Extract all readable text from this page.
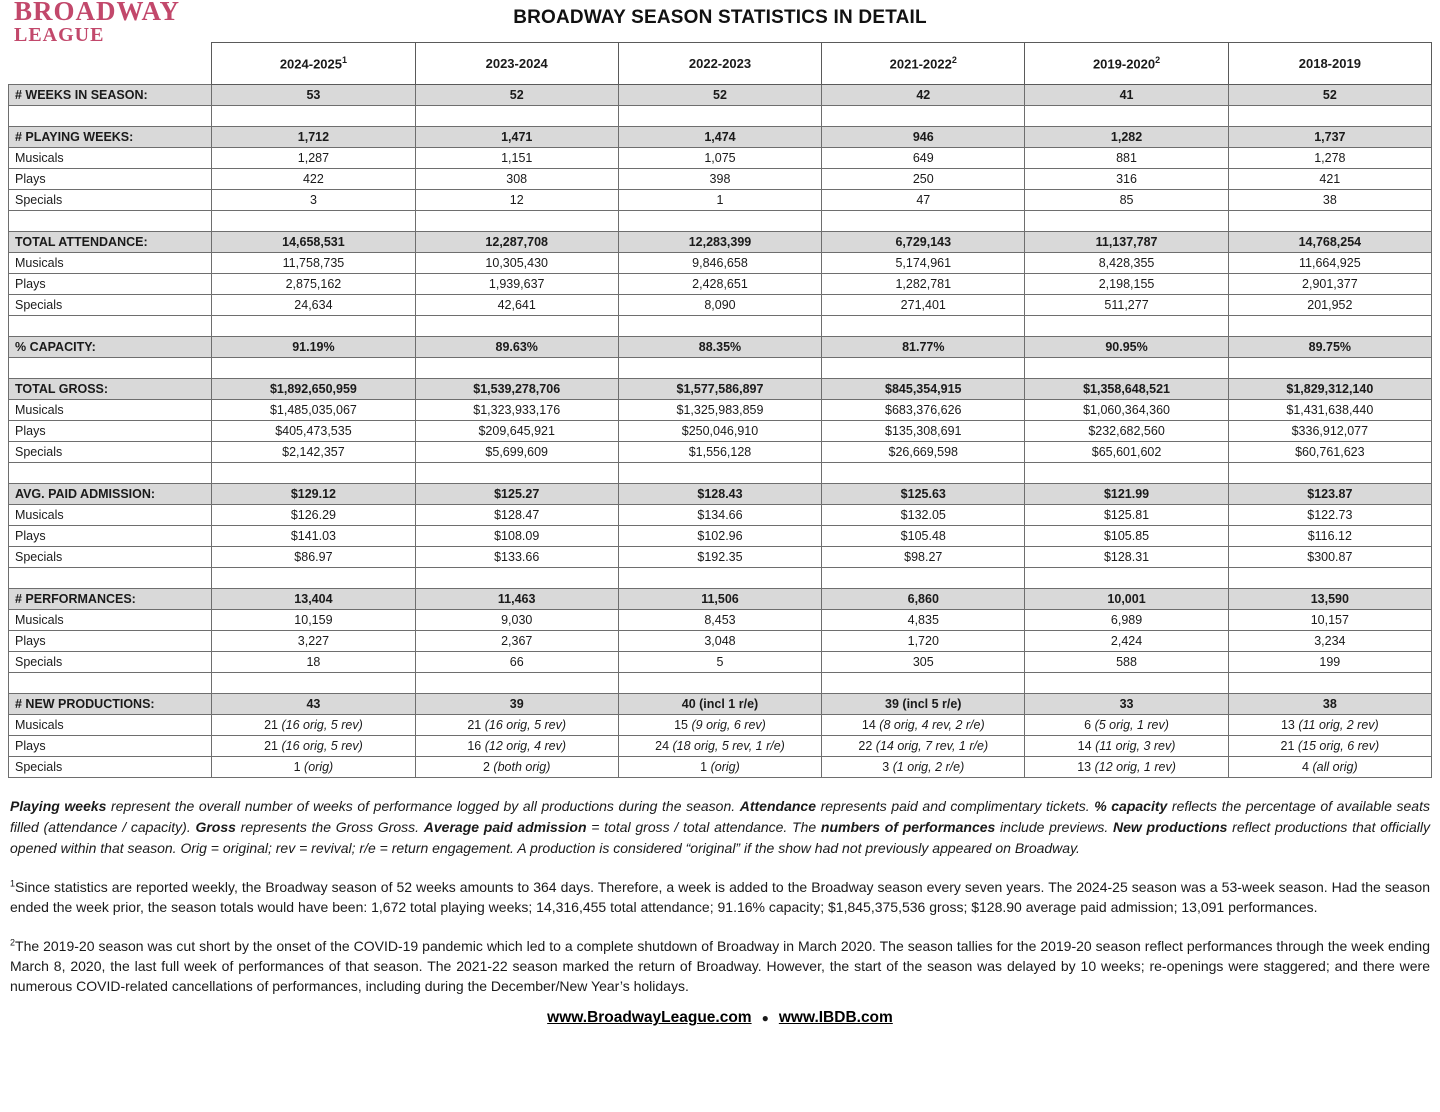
BROADWAY
LEAGUE
BROADWAY SEASON STATISTICS IN DETAIL
	2024-2025$^1$	2023-2024	2022-2023	2021-2022$^2$	2019-2020$^2$	2018-2019
# WEEKS IN SEASON:	53	52	52	42	41	52

# PLAYING WEEKS:	1,712	1,471	1,474	946	1,282	1,737
Musicals	1,287	1,151	1,075	649	881	1,278
Plays	422	308	398	250	316	421
Specials	3	12	1	47	85	38

TOTAL ATTENDANCE:	14,658,531	12,287,708	12,283,399	6,729,143	11,137,787	14,768,254
Musicals	11,758,735	10,305,430	9,846,658	5,174,961	8,428,355	11,664,925
Plays	2,875,162	1,939,637	2,428,651	1,282,781	2,198,155	2,901,377
Specials	24,634	42,641	8,090	271,401	511,277	201,952

% CAPACITY:	91.19%	89.63%	88.35%	81.77%	90.95%	89.75%

TOTAL GROSS:	$1,892,650,959	$1,539,278,706	$1,577,586,897	$845,354,915	$1,358,648,521	$1,829,312,140
Musicals	$1,485,035,067	$1,323,933,176	$1,325,983,859	$683,376,626	$1,060,364,360	$1,431,638,440
Plays	$405,473,535	$209,645,921	$250,046,910	$135,308,691	$232,682,560	$336,912,077
Specials	$2,142,357	$5,699,609	$1,556,128	$26,669,598	$65,601,602	$60,761,623

AVG. PAID ADMISSION:	$129.12	$125.27	$128.43	$125.63	$121.99	$123.87
Musicals	$126.29	$128.47	$134.66	$132.05	$125.81	$122.73
Plays	$141.03	$108.09	$102.96	$105.48	$105.85	$116.12
Specials	$86.97	$133.66	$192.35	$98.27	$128.31	$300.87

# PERFORMANCES:	13,404	11,463	11,506	6,860	10,001	13,590
Musicals	10,159	9,030	8,453	4,835	6,989	10,157
Plays	3,227	2,367	3,048	1,720	2,424	3,234
Specials	18	66	5	305	588	199

# NEW PRODUCTIONS:	43	39	40 (incl 1 r/e)	39 (incl 5 r/e)	33	38
Musicals	21 (16 orig, 5 rev)	21 (16 orig, 5 rev)	15 (9 orig, 6 rev)	14 (8 orig, 4 rev, 2 r/e)	6 (5 orig, 1 rev)	13 (11 orig, 2 rev)
Plays	21 (16 orig, 5 rev)	16 (12 orig, 4 rev)	24 (18 orig, 5 rev, 1 r/e)	22 (14 orig, 7 rev, 1 r/e)	14 (11 orig, 3 rev)	21 (15 orig, 6 rev)
Specials	1 (orig)	2 (both orig)	1 (orig)	3 (1 orig, 2 r/e)	13 (12 orig, 1 rev)	4 (all orig)

Playing weeks represent the overall number of weeks of performance logged by all productions during the season. Attendance represents paid and complimentary tickets. % capacity reflects the percentage of available seats filled (attendance / capacity). Gross represents the Gross Gross. Average paid admission = total gross / total attendance. The numbers of performances include previews. New productions reflect productions that officially opened within that season. Orig = original; rev = revival; r/e = return engagement. A production is considered “original” if the show had not previously appeared on Broadway.

$^1$Since statistics are reported weekly, the Broadway season of 52 weeks amounts to 364 days. Therefore, a week is added to the Broadway season every seven years. The 2024-25 season was a 53-week season. Had the season ended the week prior, the season totals would have been: 1,672 total playing weeks; 14,316,455 total attendance; 91.16% capacity; $1,845,375,536 gross; $128.90 average paid admission; 13,091 performances.

$^2$The 2019-20 season was cut short by the onset of the COVID-19 pandemic which led to a complete shutdown of Broadway in March 2020. The season tallies for the 2019-20 season reflect performances through the week ending March 8, 2020, the last full week of performances of that season. The 2021-22 season marked the return of Broadway. However, the start of the season was delayed by 10 weeks; re-openings were staggered; and there were numerous COVID-related cancellations of performances, including during the December/New Year’s holidays.

www.BroadwayLeague.com ● www.IBDB.com
